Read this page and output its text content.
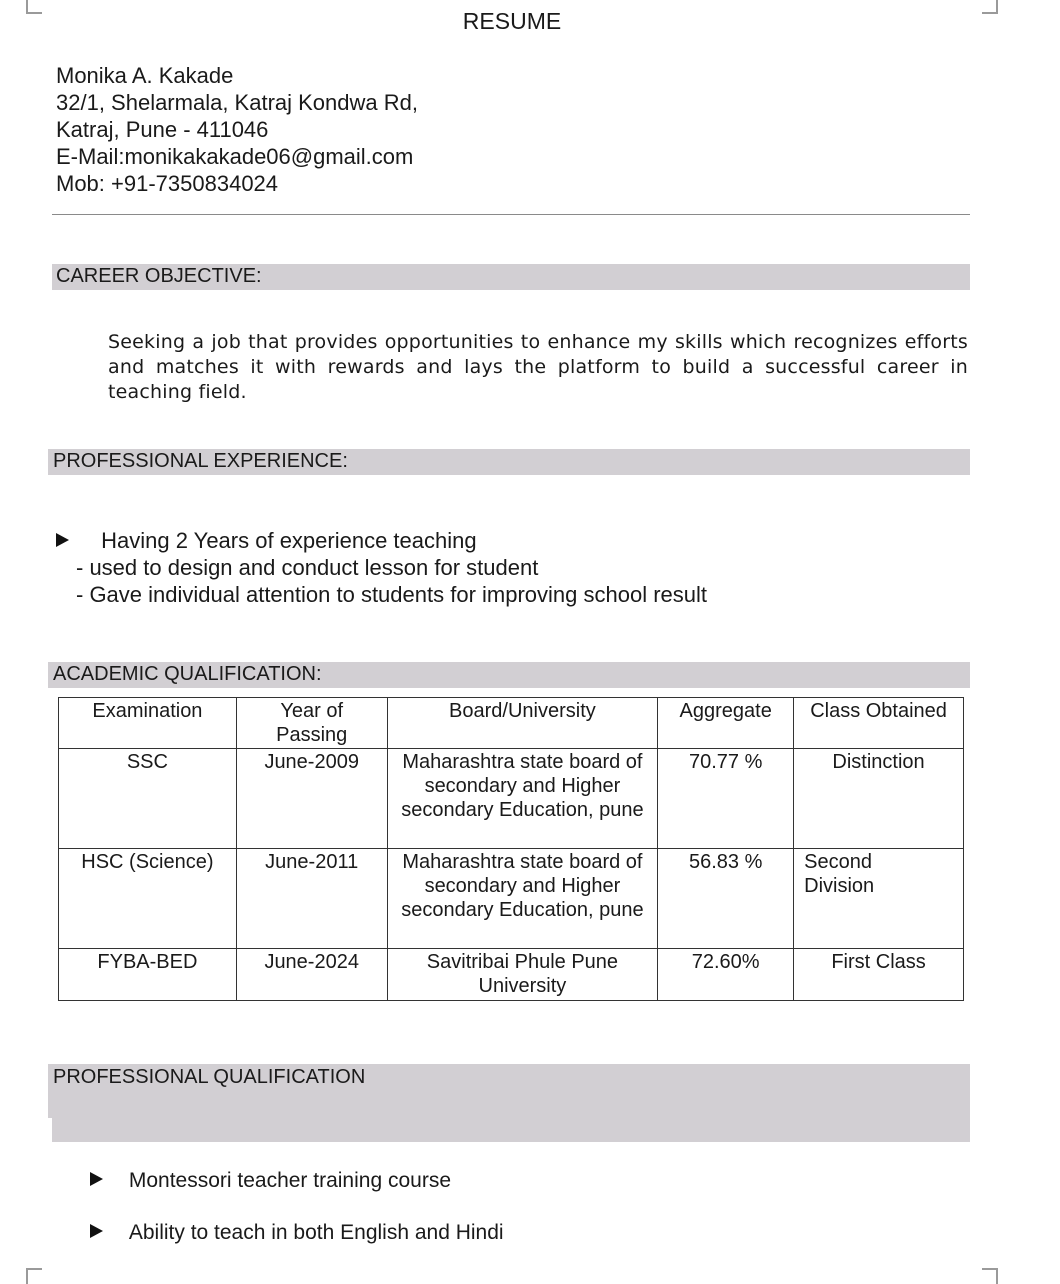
RESUME
Monika A. Kakade
32/1, Shelarmala, Katraj Kondwa Rd,
Katraj, Pune - 411046
E-Mail:monikakakade06@gmail.com
Mob: +91-7350834024
CAREER OBJECTIVE:
Seeking a job that provides opportunities to enhance my skills which recognizes efforts and matches it with rewards and lays the platform to build a successful career in teaching field.
PROFESSIONAL EXPERIENCE:
Having 2 Years of experience teaching
- used to design and conduct lesson for student
- Gave individual attention to students for improving school result
ACADEMIC QUALIFICATION:
Examination	Year of Passing	Board/University	Aggregate	Class Obtained
SSC	June-2009	Maharashtra state board of secondary and Higher secondary Education, pune	70.77 %	Distinction
HSC (Science)	June-2011	Maharashtra state board of secondary and Higher secondary Education, pune	56.83 %	Second Division
FYBA-BED	June-2024	Savitribai Phule Pune University	72.60%	First Class
PROFESSIONAL QUALIFICATION
Montessori teacher training course
Ability to teach in both English and Hindi
